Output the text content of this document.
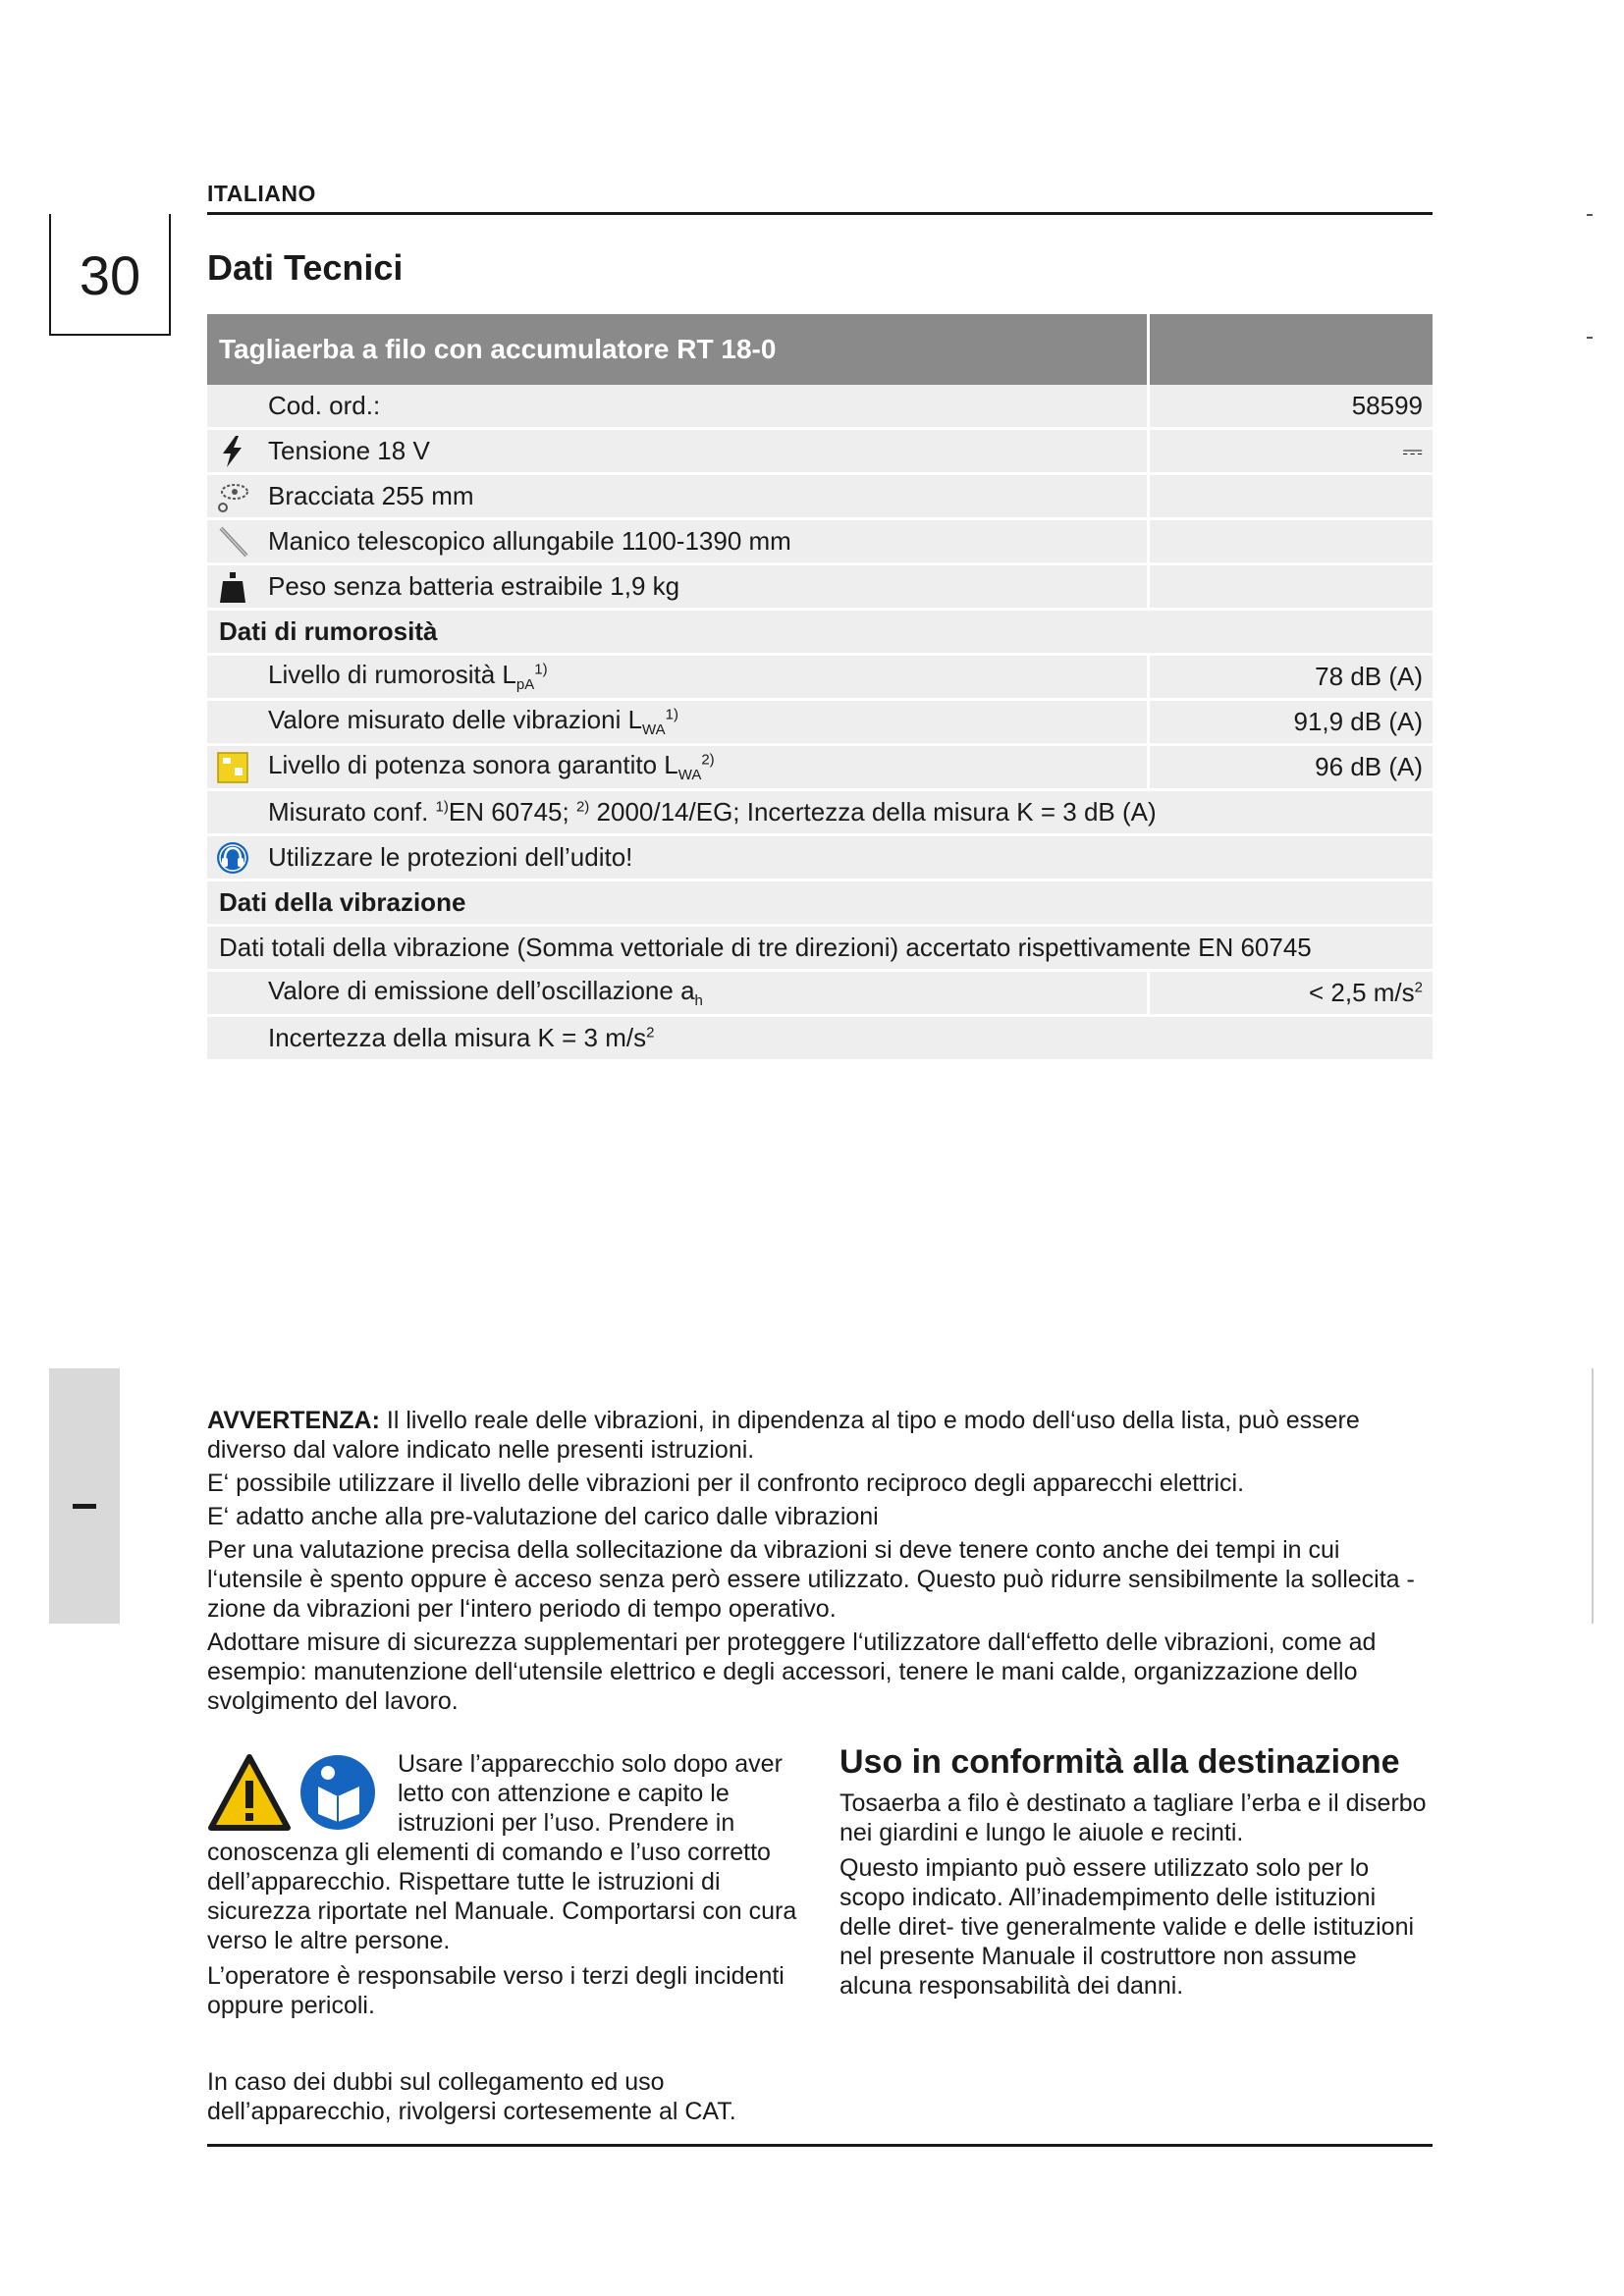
ITALIANO
30	Dati Tecnici
Tagliaerba a filo con accumulatore RT 18-0		
	Cod. ord.:	58599
	Tensione 18 V	⎓
	Bracciata 255 mm	
	Manico telescopico allungabile 1100-1390 mm	
	Peso senza batteria estraibile 1,9 kg	
Dati di rumorosità		
	Livello di rumorosità $L_{pA}^{1)}$	78 dB (A)
	Valore misurato delle vibrazioni $L_{WA}^{1)}$	91,9 dB (A)
	Livello di potenza sonora garantito $L_{WA}^{2)}$	96 dB (A)
	Misurato conf. $^{1)}$EN 60745; $^{2)}$ 2000/14/EG; Incertezza della misura K = 3 dB (A)	
	Utilizzare le protezioni dell’udito!	
Dati della vibrazione		
Dati totali della vibrazione (Somma vettoriale di tre direzioni) accertato rispettivamente EN 60745		
	Valore di emissione dell’oscillazione $a_h$	< 2,5 $m/s^2$
	Incertezza della misura K = 3 $m/s^2$

AVVERTENZA: Il livello reale delle vibrazioni, in dipendenza al tipo e modo dell‘uso della lista, può essere diverso dal valore indicato nelle presenti istruzioni.

E‘ possibile utilizzare il livello delle vibrazioni per il confronto reciproco degli apparecchi elettrici.

E‘ adatto anche alla pre-valutazione del carico dalle vibrazioni

Per una valutazione precisa della sollecitazione da vibrazioni si deve tenere conto anche dei tempi in cui l‘utensile è spento oppure è acceso senza però essere utilizzato. Questo può ridurre sensibilmente la sollecita - zione da vibrazioni per l‘intero periodo di tempo operativo.

Adottare misure di sicurezza supplementari per proteggere l‘utilizzatore dall‘effetto delle vibrazioni, come ad esempio: manutenzione dell‘utensile elettrico e degli accessori, tenere le mani calde, organizzazione dello svolgimento del lavoro.

Usare l’apparecchio solo dopo aver letto con attenzione e capito le istruzioni per l’uso. Prendere in conoscenza gli elementi di comando e l’uso corretto dell’apparecchio. Rispettare tutte le istruzioni di sicurezza riportate nel Manuale. Comportarsi con cura verso le altre persone.

L’operatore è responsabile verso i terzi degli incidenti oppure pericoli.

In caso dei dubbi sul collegamento ed uso dell’apparecchio, rivolgersi cortesemente al CAT.

Uso in conformità alla destinazione

Tosaerba a filo è destinato a tagliare l’erba e il diserbo nei giardini e lungo le aiuole e recinti.

Questo impianto può essere utilizzato solo per lo scopo indicato. All’inadempimento delle istituzioni delle diret- tive generalmente valide e delle istituzioni nel presente Manuale il costruttore non assume alcuna responsabilità dei danni.
